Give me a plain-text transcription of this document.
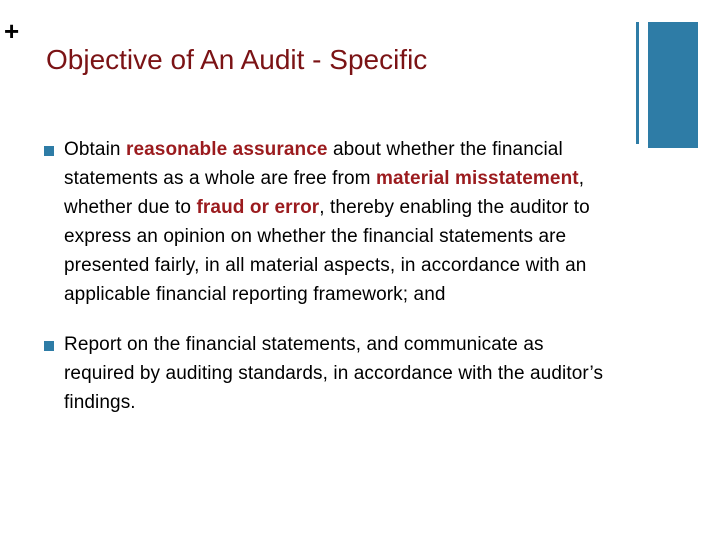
+
Objective of An Audit - Specific
Obtain reasonable assurance about whether the financial statements as a whole are free from material misstatement, whether due to fraud or error, thereby enabling the auditor to express an opinion on whether the financial statements are presented fairly, in all material aspects, in accordance with an applicable financial reporting framework; and
Report on the financial statements, and communicate as required by auditing standards, in accordance with the auditor’s findings.
